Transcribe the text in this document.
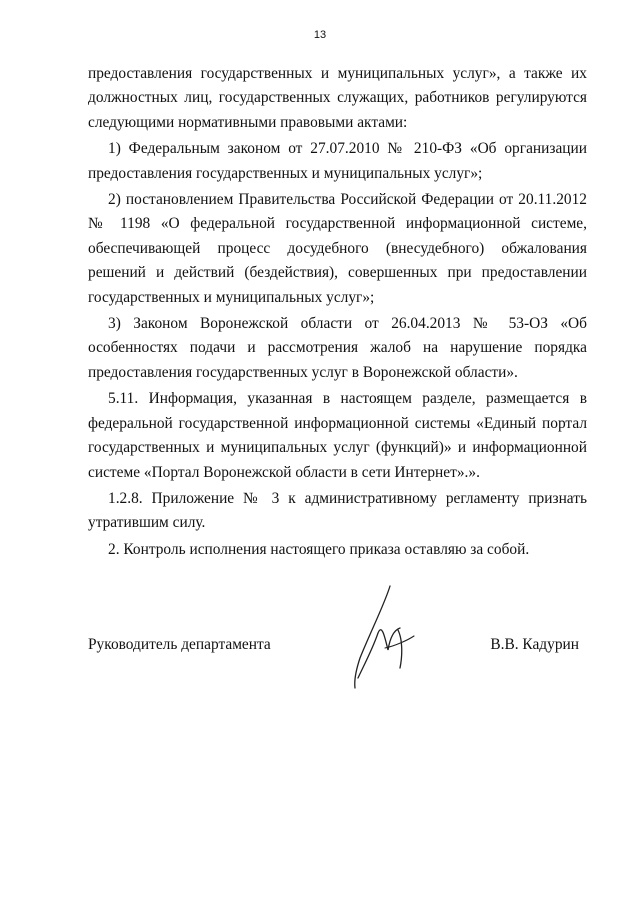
13

предоставления государственных и муниципальных услуг», а также их должностных лиц, государственных служащих, работников регулируются следующими нормативными правовыми актами:

1) Федеральным законом от 27.07.2010 № 210-ФЗ «Об организации предоставления государственных и муниципальных услуг»;

2) постановлением Правительства Российской Федерации от 20.11.2012 № 1198 «О федеральной государственной информационной системе, обеспечивающей процесс досудебного (внесудебного) обжалования решений и действий (бездействия), совершенных при предоставлении государственных и муниципальных услуг»;

3) Законом Воронежской области от 26.04.2013 № 53-ОЗ «Об особенностях подачи и рассмотрения жалоб на нарушение порядка предоставления государственных услуг в Воронежской области».

5.11. Информация, указанная в настоящем разделе, размещается в федеральной государственной информационной системы «Единый портал государственных и муниципальных услуг (функций)» и информационной системе «Портал Воронежской области в сети Интернет».».

1.2.8. Приложение № 3 к административному регламенту признать утратившим силу.

2. Контроль исполнения настоящего приказа оставляю за собой.

Руководитель департамента	В.В. Кадурин
